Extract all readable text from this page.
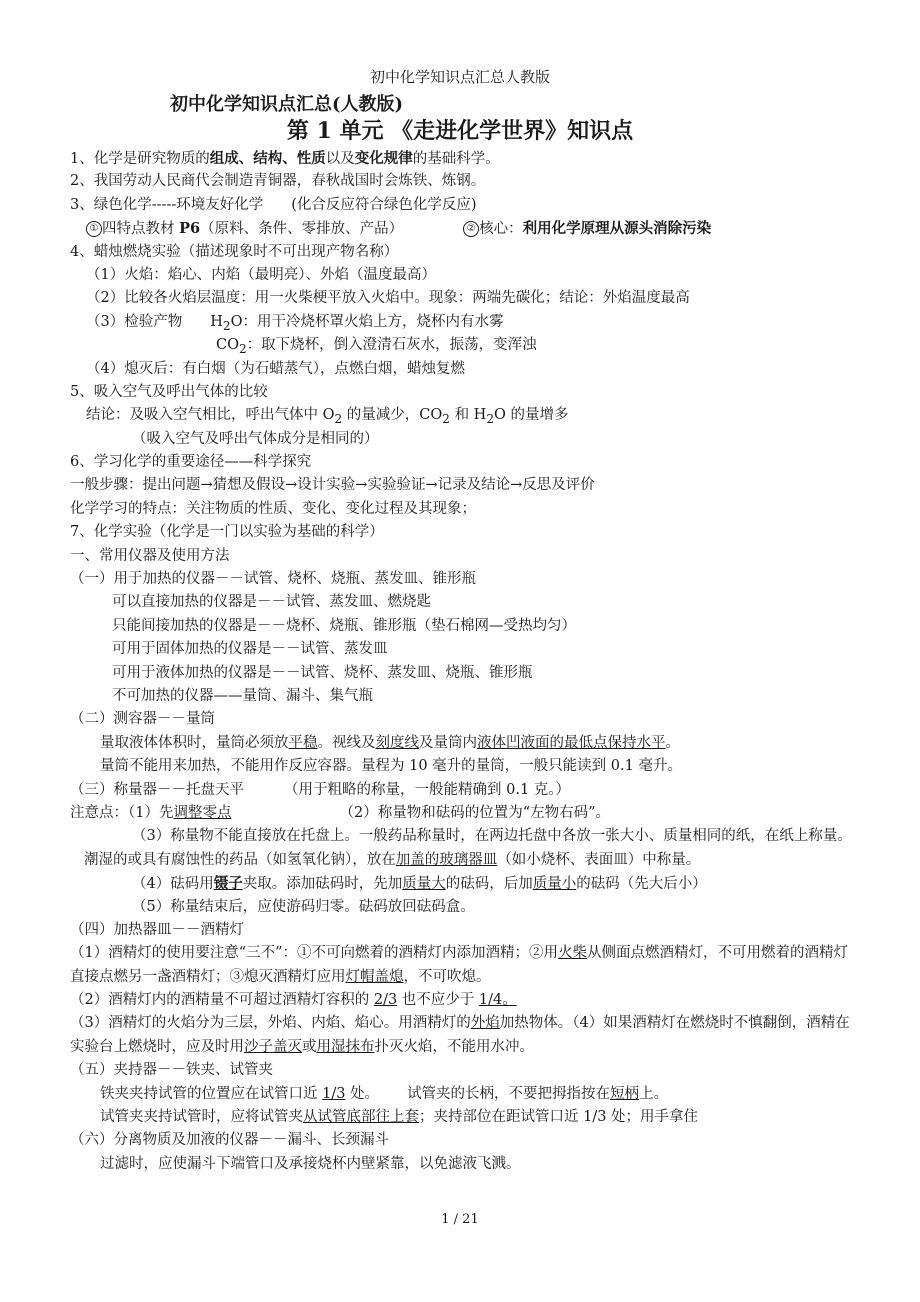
初中化学知识点汇总人教版
初中化学知识点汇总(人教版)
第 1 单元 《走进化学世界》知识点
1、化学是研究物质的组成、结构、性质以及变化规律的基础科学。
2、我国劳动人民商代会制造青铜器，春秋战国时会炼铁、炼钢。
3、绿色化学-----环境友好化学 (化合反应符合绿色化学反应)
① 四特点教材 P6（原料、条件、零排放、产品）	② 核心：利用化学原理从源头消除污染
4、蜡烛燃烧实验（描述现象时不可出现产物名称）
（1）火焰：焰心、内焰（最明亮）、外焰（温度最高）
（2）比较各火焰层温度：用一火柴梗平放入火焰中。现象：两端先碳化；结论：外焰温度最高
（3）检验产物 $H_2O$：用干冷烧杯罩火焰上方，烧杯内有水雾
$CO_2$：取下烧杯，倒入澄清石灰水，振荡，变浑浊
（4）熄灭后：有白烟（为石蜡蒸气），点燃白烟，蜡烛复燃
5、吸入空气及呼出气体的比较
结论：及吸入空气相比，呼出气体中 $O_2$ 的量减少，$CO_2$ 和 $H_2O$ 的量增多
（吸入空气及呼出气体成分是相同的）
6、学习化学的重要途径——科学探究
一般步骤：提出问题→猜想及假设→设计实验→实验验证→记录及结论→反思及评价
化学学习的特点：关注物质的性质、变化、变化过程及其现象；
7、化学实验（化学是一门以实验为基础的科学）
一、常用仪器及使用方法
（一）用于加热的仪器－－试管、烧杯、烧瓶、蒸发皿、锥形瓶
可以直接加热的仪器是－－试管、蒸发皿、燃烧匙
只能间接加热的仪器是－－烧杯、烧瓶、锥形瓶（垫石棉网—受热均匀）
可用于固体加热的仪器是－－试管、蒸发皿
可用于液体加热的仪器是－－试管、烧杯、蒸发皿、烧瓶、锥形瓶
不可加热的仪器——量筒、漏斗、集气瓶
（二）测容器－－量筒
量取液体体积时，量筒必须放平稳。视线及刻度线及量筒内液体凹液面的最低点保持水平。
量筒不能用来加热，不能用作反应容器。量程为 10 毫升的量筒，一般只能读到 0.1 毫升。
（三）称量器－－托盘天平	（用于粗略的称量，一般能精确到 0.1 克。）
注意点：（1）先调整零点	（2）称量物和砝码的位置为“左物右码”。
（3）称量物不能直接放在托盘上。一般药品称量时，在两边托盘中各放一张大小、质量相同的纸，在纸上称量。潮湿的或具有腐蚀性的药品（如氢氧化钠），放在加盖的玻璃器皿（如小烧杯、表面皿）中称量。
（4）砝码用镊子夹取。添加砝码时，先加质量大的砝码，后加质量小的砝码（先大后小）
（5）称量结束后，应使游码归零。砝码放回砝码盒。
（四）加热器皿－－酒精灯
（1）酒精灯的使用要注意“三不”：①不可向燃着的酒精灯内添加酒精；②用火柴从侧面点燃酒精灯，不可用燃着的酒精灯直接点燃另一盏酒精灯；③熄灭酒精灯应用灯帽盖熄，不可吹熄。
（2）酒精灯内的酒精量不可超过酒精灯容积的 2/3 也不应少于 1/4。
（3）酒精灯的火焰分为三层，外焰、内焰、焰心。用酒精灯的外焰加热物体。（4）如果酒精灯在燃烧时不慎翻倒，酒精在实验台上燃烧时，应及时用沙子盖灭或用湿抹布扑灭火焰，不能用水冲。
（五）夹持器－－铁夹、试管夹
铁夹夹持试管的位置应在试管口近 1/3 处。 试管夹的长柄，不要把拇指按在短柄上。
试管夹夹持试管时，应将试管夹从试管底部往上套；夹持部位在距试管口近 1/3 处；用手拿住
（六）分离物质及加液的仪器－－漏斗、长颈漏斗
过滤时，应使漏斗下端管口及承接烧杯内壁紧靠，以免滤液飞溅。
1 / 21
